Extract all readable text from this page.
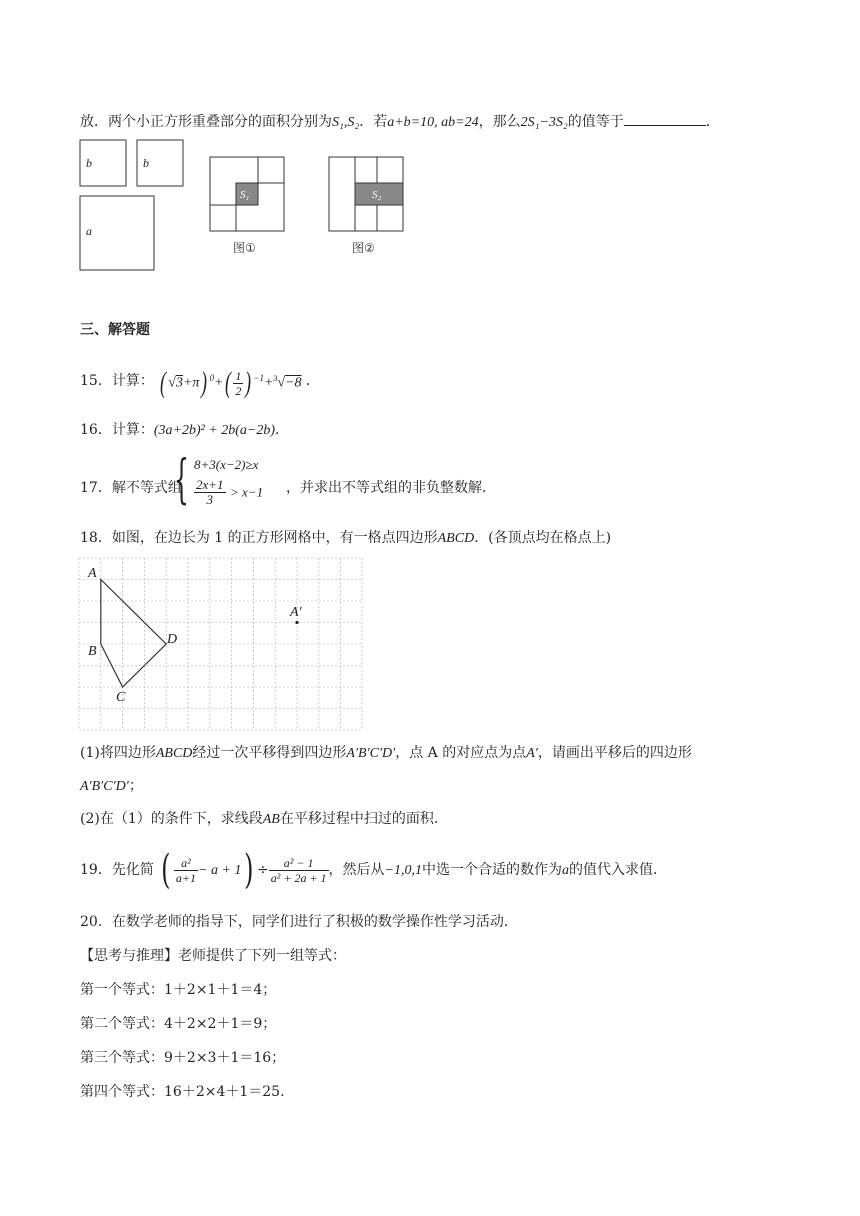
放．两个小正方形重叠部分的面积分别为S₁,S₂．若a+b=10, ab=24，那么2S₁−3S₂的值等于	．
b	b
a
S₁	S₂
图①	图②
三、解答题
15．计算： ( √3+π) $^0+( \frac{1}{2}$ ) $^{-1}$+$^3$√−8 ．
16．计算：(3a+2b)² + 2b(a−2b)．
17．解不等式组
{ 8+3(x−2)≥x
$\frac{2x+1}{3} > x-1$ ，并求出不等式组的非负整数解．
18．如图，在边长为 1 的正方形网格中，有一格点四边形ABCD．(各顶点均在格点上)
A
B
C
D
A′
(1)将四边形ABCD经过一次平移得到四边形A′B′C′D′，点 A 的对应点为点A′，请画出平移后的四边形
A′B′C′D′；
(2)在（1）的条件下，求线段AB在平移过程中扫过的面积．
19．先化简 ( $\frac{\text{a²}}{a+1} - a + 1) \div \frac{\text{a² − 1}}{\text{a² + 2a + 1}}$ ，然后从−1,0,1中选一个合适的数作为a的值代入求值．
20．在数学老师的指导下，同学们进行了积极的数学操作性学习活动．
【思考与推理】老师提供了下列一组等式：
第一个等式：1＋2×1＋1＝4；
第二个等式：4＋2×2＋1＝9；
第三个等式：9＋2×3＋1＝16；
第四个等式：16＋2×4＋1＝25.
